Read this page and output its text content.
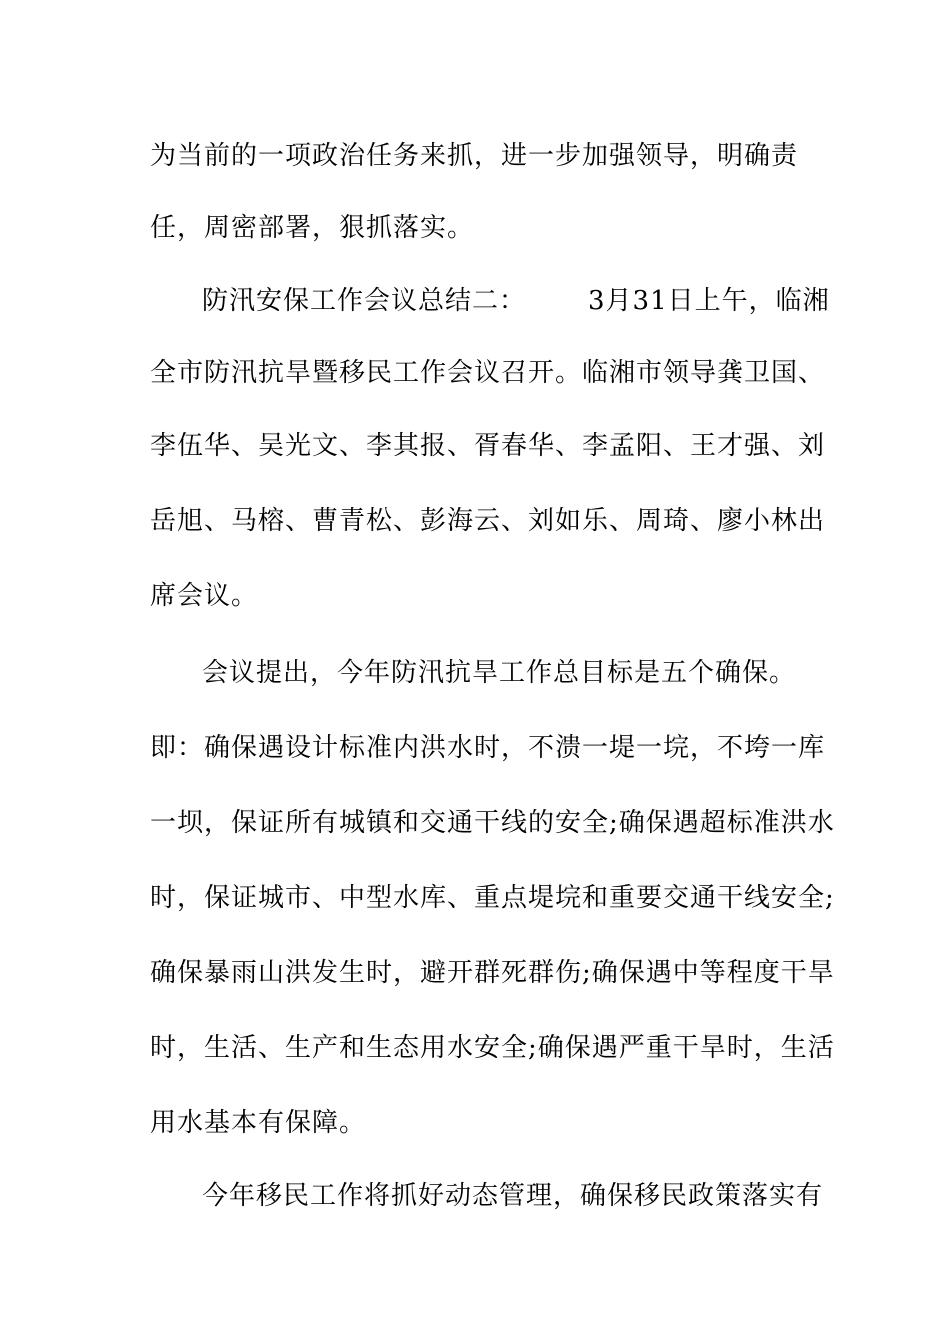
为当前的一项政治任务来抓，进一步加强领导，明确责
任，周密部署，狠抓落实。
防汛安保工作会议总结二： 3月31日上午，临湘
全市防汛抗旱暨移民工作会议召开。临湘市领导龚卫国、
李伍华、吴光文、李其报、胥春华、李孟阳、王才强、刘
岳旭、马榕、曹青松、彭海云、刘如乐、周琦、廖小林出
席会议。
会议提出，今年防汛抗旱工作总目标是五个确保。
即：确保遇设计标准内洪水时，不溃一堤一垸，不垮一库
一坝，保证所有城镇和交通干线的安全;确保遇超标准洪水
时，保证城市、中型水库、重点堤垸和重要交通干线安全;
确保暴雨山洪发生时，避开群死群伤;确保遇中等程度干旱
时，生活、生产和生态用水安全;确保遇严重干旱时，生活
用水基本有保障。
今年移民工作将抓好动态管理，确保移民政策落实有
